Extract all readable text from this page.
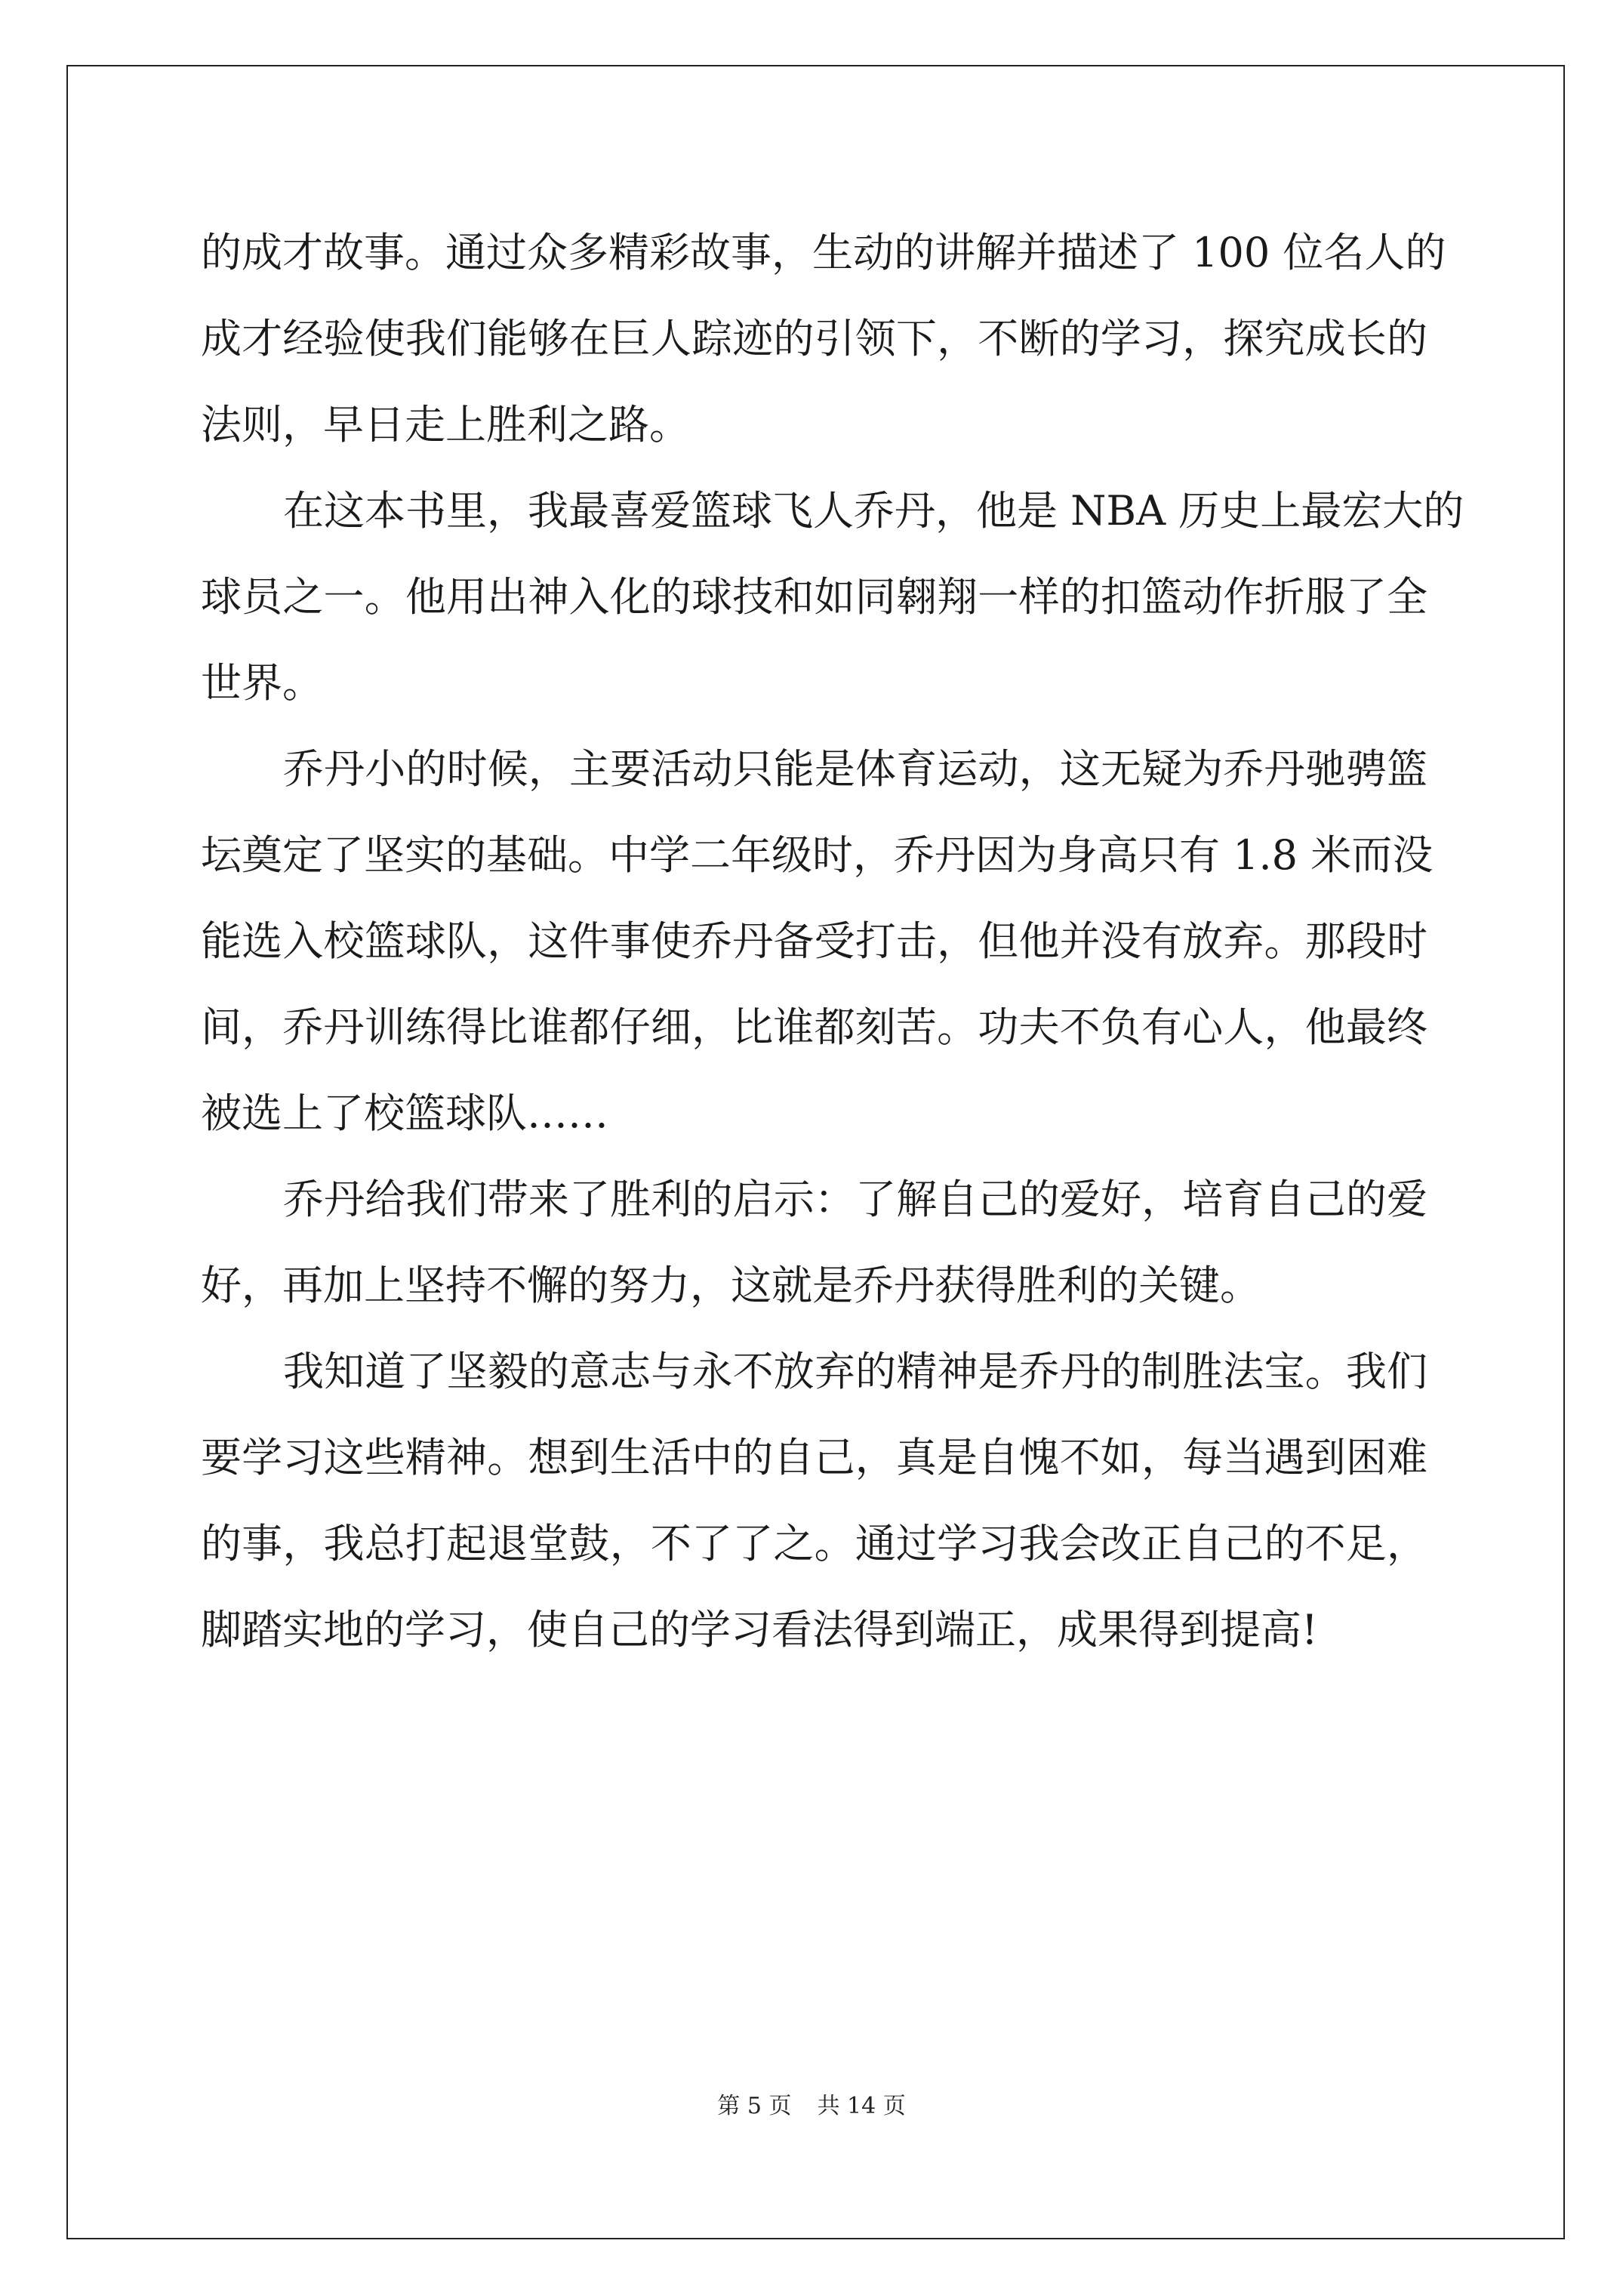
的成才故事。通过众多精彩故事，生动的讲解并描述了 100 位名人的
成才经验使我们能够在巨人踪迹的引领下，不断的学习，探究成长的
法则，早日走上胜利之路。
在这本书里，我最喜爱篮球飞人乔丹，他是 NBA 历史上最宏大的
球员之一。他用出神入化的球技和如同翱翔一样的扣篮动作折服了全
世界。
乔丹小的时候，主要活动只能是体育运动，这无疑为乔丹驰骋篮
坛奠定了坚实的基础。中学二年级时，乔丹因为身高只有 1.8 米而没
能选入校篮球队，这件事使乔丹备受打击，但他并没有放弃。那段时
间，乔丹训练得比谁都仔细，比谁都刻苦。功夫不负有心人，他最终
被选上了校篮球队……
乔丹给我们带来了胜利的启示：了解自己的爱好，培育自己的爱
好，再加上坚持不懈的努力，这就是乔丹获得胜利的关键。
我知道了坚毅的意志与永不放弃的精神是乔丹的制胜法宝。我们
要学习这些精神。想到生活中的自己，真是自愧不如，每当遇到困难
的事，我总打起退堂鼓，不了了之。通过学习我会改正自己的不足，
脚踏实地的学习，使自己的学习看法得到端正，成果得到提高!
第 5 页 共 14 页
